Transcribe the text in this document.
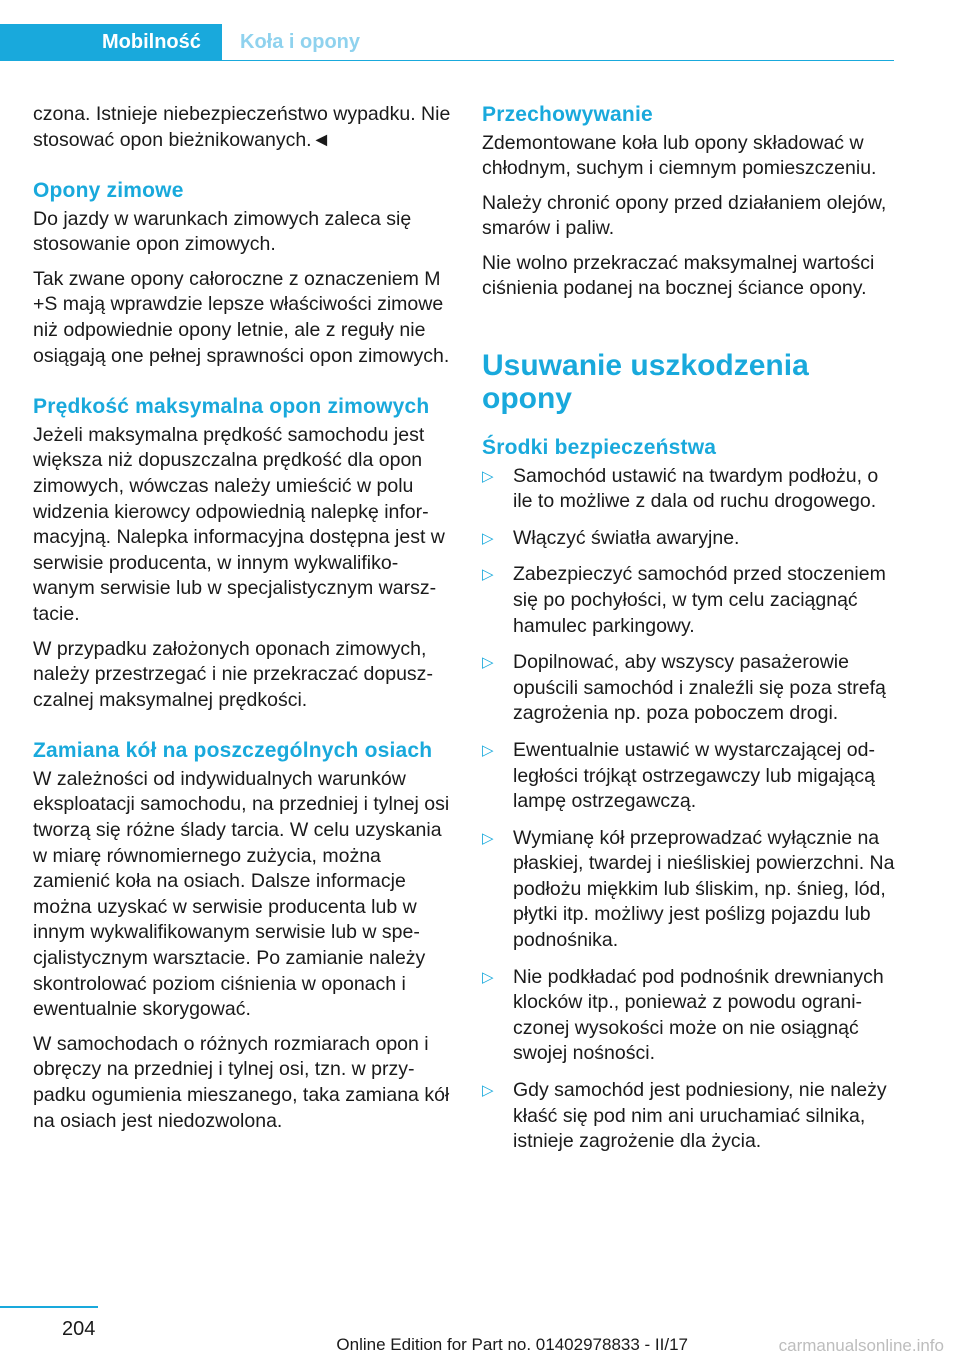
Mobilność Koła i opony

czona. Istnieje niebezpieczeństwo wypadku. Nie stosować opon bieżnikowanych.◄

Opony zimowe

Do jazdy w warunkach zimowych zaleca się stosowanie opon zimowych.

Tak zwane opony całoroczne z oznaczeniem M +S mają wprawdzie lepsze właściwości zimowe niż odpowiednie opony letnie, ale z reguły nie osiągają one pełnej sprawności opon zimowych.

Prędkość maksymalna opon zimowych

Jeżeli maksymalna prędkość samochodu jest większa niż dopuszczalna prędkość dla opon zimowych, wówczas należy umieścić w polu widzenia kierowcy odpowiednią nalepkę informacyjną. Nalepka informacyjna dostępna jest w serwisie producenta, w innym wykwalifikowanym serwisie lub w specjalistycznym warsztacie.

W przypadku założonych oponach zimowych, należy przestrzegać i nie przekraczać dopuszczalnej maksymalnej prędkości.

Zamiana kół na poszczególnych osiach

W zależności od indywidualnych warunków eksploatacji samochodu, na przedniej i tylnej osi tworzą się różne ślady tarcia. W celu uzyskania w miarę równomiernego zużycia, można zamienić koła na osiach. Dalsze informacje można uzyskać w serwisie producenta lub w innym wykwalifikowanym serwisie lub w specjalistycznym warsztacie. Po zamianie należy skontrolować poziom ciśnienia w oponach i ewentualnie skorygować.

W samochodach o różnych rozmiarach opon i obręczy na przedniej i tylnej osi, tzn. w przypadku ogumienia mieszanego, taka zamiana kół na osiach jest niedozwolona.

Przechowywanie

Zdemontowane koła lub opony składować w chłodnym, suchym i ciemnym pomieszczeniu.

Należy chronić opony przed działaniem olejów, smarów i paliw.

Nie wolno przekraczać maksymalnej wartości ciśnienia podanej na bocznej ściance opony.

Usuwanie uszkodzenia opony
Środki bezpieczeństwa
▷ Samochód ustawić na twardym podłożu, o ile to możliwe z dala od ruchu drogowego.
▷ Włączyć światła awaryjne.
▷ Zabezpieczyć samochód przed stoczeniem się po pochyłości, w tym celu zaciągnąć hamulec parkingowy.
▷ Dopilnować, aby wszyscy pasażerowie opuścili samochód i znaleźli się poza strefą zagrożenia np. poza poboczem drogi.
▷ Ewentualnie ustawić w wystarczającej odległości trójkąt ostrzegawczy lub migającą lampę ostrzegawczą.
▷ Wymianę kół przeprowadzać wyłącznie na płaskiej, twardej i nieśliskiej powierzchni. Na podłożu miękkim lub śliskim, np. śnieg, lód, płytki itp. możliwy jest poślizg pojazdu lub podnośnika.
▷ Nie podkładać pod podnośnik drewnianych klocków itp., ponieważ z powodu ograniczonej wysokości może on nie osiągnąć swojej nośności.
▷ Gdy samochód jest podniesiony, nie należy kłaść się pod nim ani uruchamiać silnika, istnieje zagrożenie dla życia.
204
Online Edition for Part no. 01402978833 - II/17	carmanualsonline.info
